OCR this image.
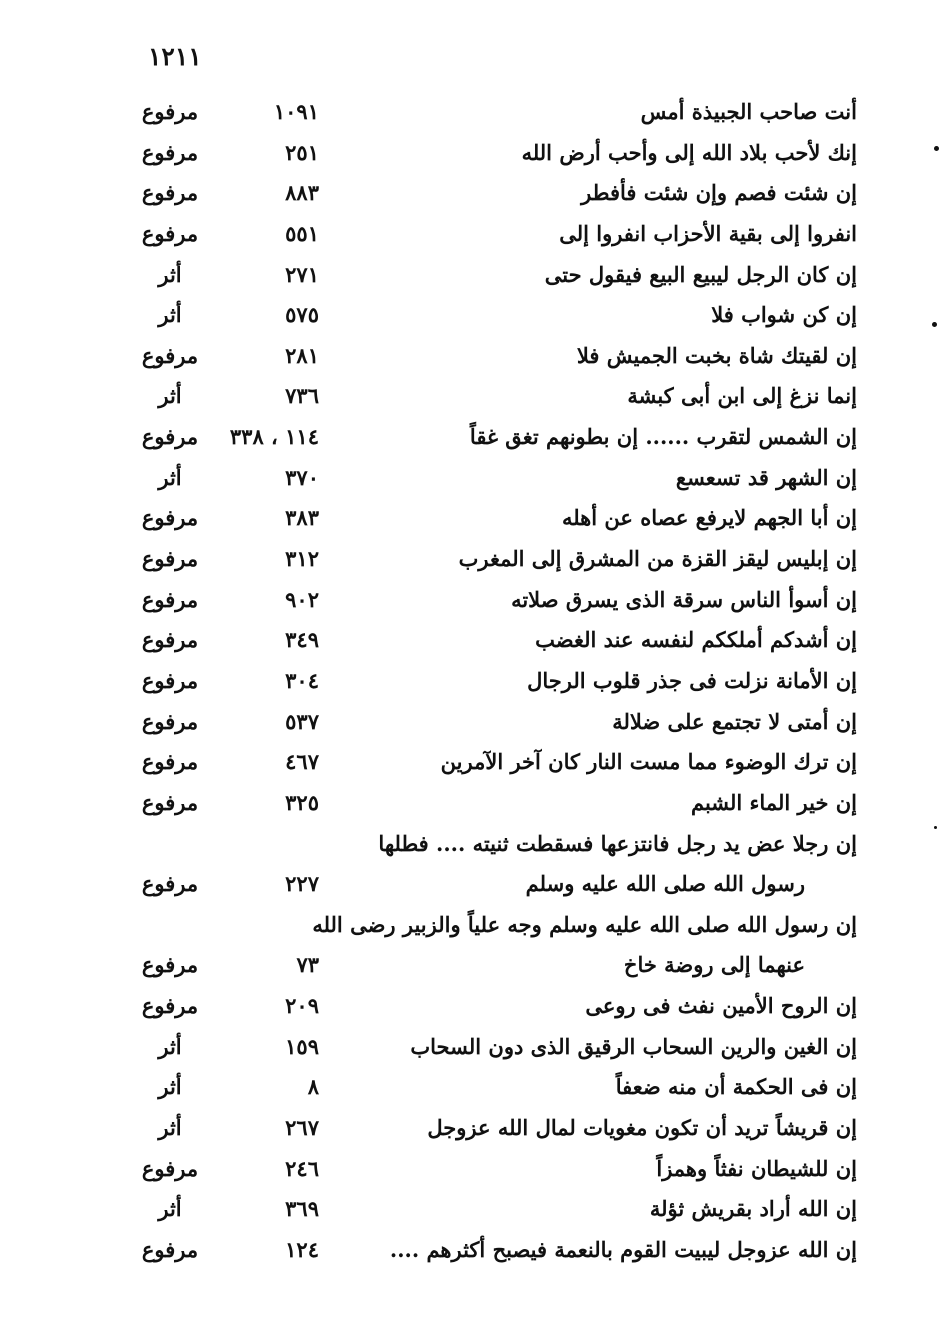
١٢١١
أنت صاحب الجبيذة أمس
١٠٩١
مرفوع
إنك لأحب بلاد الله إلى وأحب أرض الله
٢٥١
مرفوع
إن شئت فصم وإن شئت فأفطر
٨٨٣
مرفوع
انفروا إلى بقية الأحزاب انفروا إلى
٥٥١
مرفوع
إن كان الرجل ليبيع البيع فيقول حتى
٢٧١
أثر
إن كن شواب فلا
٥٧٥
أثر
إن لقيتك شاة بخبت الجميش فلا
٢٨١
مرفوع
إنما نزغ إلى ابن أبى كبشة
٧٣٦
أثر
إن الشمس لتقرب ...... إن بطونهم تغق غقاً
١١٤ ، ٣٣٨
مرفوع
إن الشهر قد تسعسع
٣٧٠
أثر
إن أبا الجهم لايرفع عصاه عن أهله
٣٨٣
مرفوع
إن إبليس ليقز القزة من المشرق إلى المغرب
٣١٢
مرفوع
إن أسوأ الناس سرقة الذى يسرق صلاته
٩٠٢
مرفوع
إن أشدكم أملككم لنفسه عند الغضب
٣٤٩
مرفوع
إن الأمانة نزلت فى جذر قلوب الرجال
٣٠٤
مرفوع
إن أمتى لا تجتمع على ضلالة
٥٣٧
مرفوع
إن ترك الوضوء مما مست النار كان آخر الآمرين
٤٦٧
مرفوع
إن خير الماء الشبم
٣٢٥
مرفوع
إن رجلا عض يد رجل فانتزعها فسقطت ثنيته .... فطلها
رسول الله صلى الله عليه وسلم
٢٢٧
مرفوع
إن رسول الله صلى الله عليه وسلم وجه علياً والزبير رضى الله
عنهما إلى روضة خاخ
٧٣
مرفوع
إن الروح الأمين نفث فى روعى
٢٠٩
مرفوع
إن الغين والرين السحاب الرقيق الذى دون السحاب
١٥٩
أثر
إن فى الحكمة أن منه ضعفاً
٨
أثر
إن قريشاً تريد أن تكون مغويات لمال الله عزوجل
٢٦٧
أثر
إن للشيطان نفثاً وهمزاً
٢٤٦
مرفوع
إن الله أراد بقريش ثؤلة
٣٦٩
أثر
إن الله عزوجل ليبيت القوم بالنعمة فيصبح أكثرهم ....
١٢٤
مرفوع
